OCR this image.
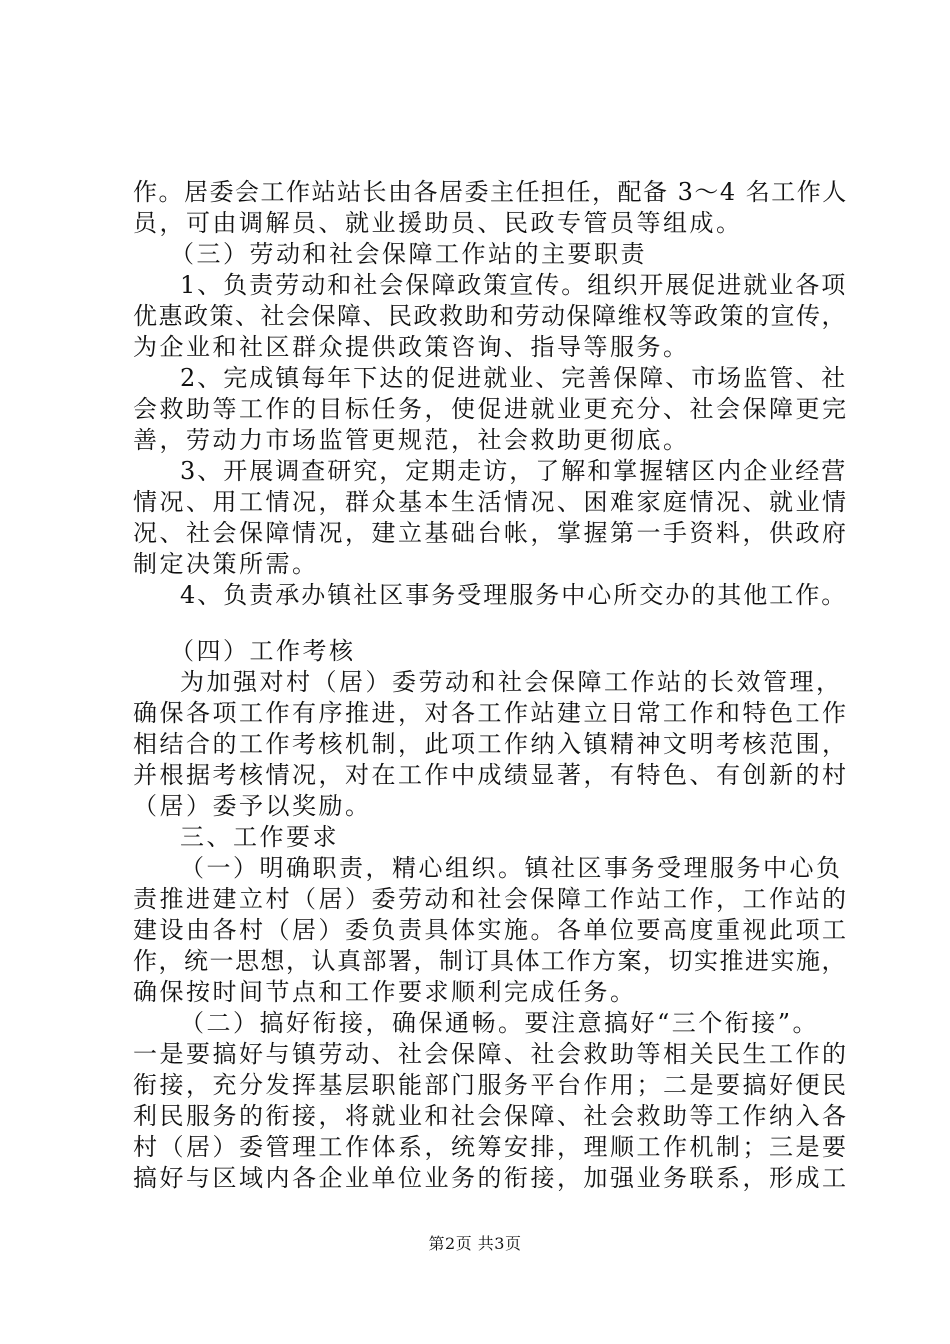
作。居委会工作站站长由各居委主任担任，配备 3～4 名工作人
员，可由调解员、就业援助员、民政专管员等组成。
（三）劳动和社会保障工作站的主要职责
1、负责劳动和社会保障政策宣传。组织开展促进就业各项
优惠政策、社会保障、民政救助和劳动保障维权等政策的宣传，
为企业和社区群众提供政策咨询、指导等服务。
2、完成镇每年下达的促进就业、完善保障、市场监管、社
会救助等工作的目标任务，使促进就业更充分、社会保障更完
善，劳动力市场监管更规范，社会救助更彻底。
3、开展调查研究，定期走访，了解和掌握辖区内企业经营
情况、用工情况，群众基本生活情况、困难家庭情况、就业情
况、社会保障情况，建立基础台帐，掌握第一手资料，供政府
制定决策所需。
4、负责承办镇社区事务受理服务中心所交办的其他工作。
（四）工作考核
为加强对村（居）委劳动和社会保障工作站的长效管理，
确保各项工作有序推进，对各工作站建立日常工作和特色工作
相结合的工作考核机制，此项工作纳入镇精神文明考核范围，
并根据考核情况，对在工作中成绩显著，有特色、有创新的村
（居）委予以奖励。
三、工作要求
（一）明确职责，精心组织。镇社区事务受理服务中心负
责推进建立村（居）委劳动和社会保障工作站工作，工作站的
建设由各村（居）委负责具体实施。各单位要高度重视此项工
作，统一思想，认真部署，制订具体工作方案，切实推进实施，
确保按时间节点和工作要求顺利完成任务。
（二）搞好衔接，确保通畅。要注意搞好“三个衔接”。
一是要搞好与镇劳动、社会保障、社会救助等相关民生工作的
衔接，充分发挥基层职能部门服务平台作用；二是要搞好便民
利民服务的衔接，将就业和社会保障、社会救助等工作纳入各
村（居）委管理工作体系，统筹安排，理顺工作机制；三是要
搞好与区域内各企业单位业务的衔接，加强业务联系，形成工
第2页 共3页
